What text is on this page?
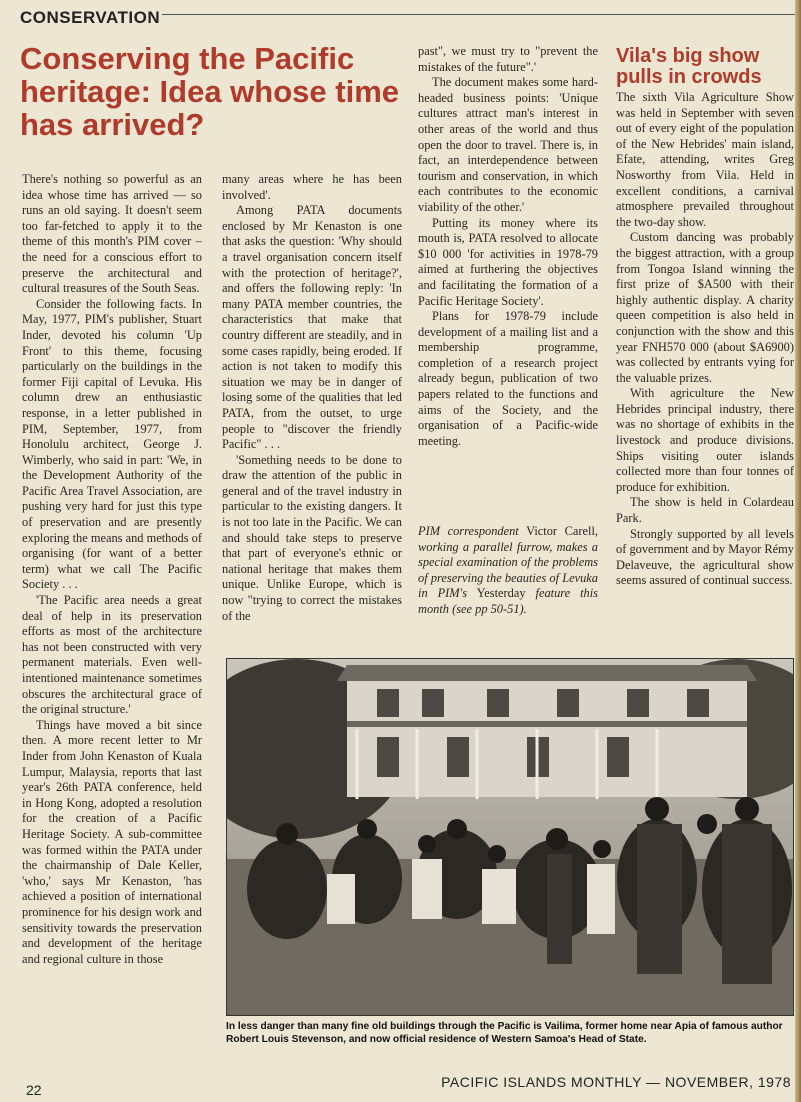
CONSERVATION
Conserving the Pacific heritage: Idea whose time has arrived?

There's nothing so powerful as an idea whose time has arrived — so runs an old saying. It doesn't seem too far-fetched to apply it to the theme of this month's PIM cover – the need for a conscious effort to preserve the architectural and cultural treasures of the South Seas.

Consider the following facts. In May, 1977, PIM's publisher, Stuart Inder, devoted his column 'Up Front' to this theme, focusing particularly on the buildings in the former Fiji capital of Levuka. His column drew an enthusiastic response, in a letter published in PIM, September, 1977, from Honolulu architect, George J. Wimberly, who said in part: 'We, in the Development Authority of the Pacific Area Travel Association, are pushing very hard for just this type of preservation and are presently exploring the means and methods of organising (for want of a better term) what we call The Pacific Society . . .

'The Pacific area needs a great deal of help in its preservation efforts as most of the architecture has not been constructed with very permanent materials. Even well-intentioned maintenance sometimes obscures the architectural grace of the original structure.'

Things have moved a bit since then. A more recent letter to Mr Inder from John Kenaston of Kuala Lumpur, Malaysia, reports that last year's 26th PATA conference, held in Hong Kong, adopted a resolution for the creation of a Pacific Heritage Society. A sub-committee was formed within the PATA under the chairmanship of Dale Keller, 'who,' says Mr Kenaston, 'has achieved a position of international prominence for his design work and sensitivity towards the preservation and development of the heritage and regional culture in those

many areas where he has been involved'.

Among PATA documents enclosed by Mr Kenaston is one that asks the question: 'Why should a travel organisation concern itself with the protection of heritage?', and offers the following reply: 'In many PATA member countries, the characteristics that make that country different are steadily, and in some cases rapidly, being eroded. If action is not taken to modify this situation we may be in danger of losing some of the qualities that led PATA, from the outset, to urge people to "discover the friendly Pacific" . . .

'Something needs to be done to draw the attention of the public in general and of the travel industry in particular to the existing dangers. It is not too late in the Pacific. We can and should take steps to preserve that part of everyone's ethnic or national heritage that makes them unique. Unlike Europe, which is now "trying to correct the mistakes of the

past", we must try to "prevent the mistakes of the future".'

The document makes some hard-headed business points: 'Unique cultures attract man's interest in other areas of the world and thus open the door to travel. There is, in fact, an interdependence between tourism and conservation, in which each contributes to the economic viability of the other.'

Putting its money where its mouth is, PATA resolved to allocate $10 000 'for activities in 1978-79 aimed at furthering the objectives and facilitating the formation of a Pacific Heritage Society'.

Plans for 1978-79 include development of a mailing list and a membership programme, completion of a research project already begun, publication of two papers related to the functions and aims of the Society, and the organisation of a Pacific-wide meeting.

PIM correspondent Victor Carell, working a parallel furrow, makes a special examination of the problems of preserving the beauties of Levuka in PIM's Yesterday feature this month (see pp 50-51).

Vila's big show pulls in crowds

The sixth Vila Agriculture Show was held in September with seven out of every eight of the population of the New Hebrides' main island, Efate, attending, writes Greg Nosworthy from Vila. Held in excellent conditions, a carnival atmosphere prevailed throughout the two-day show.

Custom dancing was probably the biggest attraction, with a group from Tongoa Island winning the first prize of $A500 with their highly authentic display. A charity queen competition is also held in conjunction with the show and this year FNH570 000 (about $A6900) was collected by entrants vying for the valuable prizes.

With agriculture the New Hebrides principal industry, there was no shortage of exhibits in the livestock and produce divisions. Ships visiting outer islands collected more than four tonnes of produce for exhibition.

The show is held in Colardeau Park.

Strongly supported by all levels of government and by Mayor Rémy Delaveuve, the agricultural show seems assured of continual success.

In less danger than many fine old buildings through the Pacific is Vailima, former home near Apia of famous author Robert Louis Stevenson, and now official residence of Western Samoa's Head of State.

22	PACIFIC ISLANDS MONTHLY — NOVEMBER, 1978
